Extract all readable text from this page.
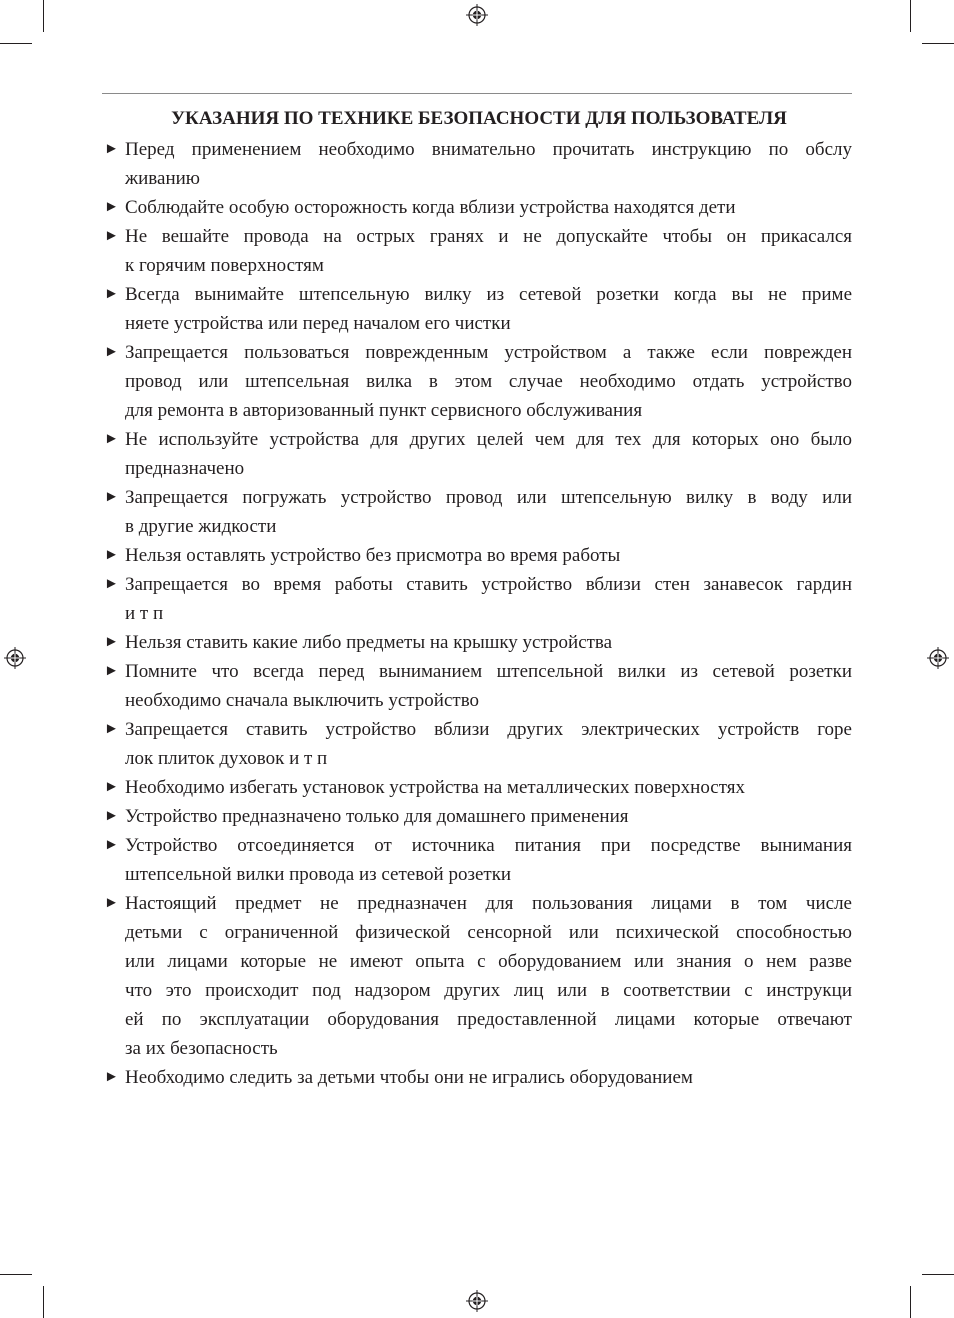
УКАЗАНИЯ ПО ТЕХНИКЕ БЕЗОПАСНОСТИ ДЛЯ ПОЛЬЗОВАТЕЛЯ
► Перед применением необходимо внимательно прочитать инструкцию по обслу
живанию
► Соблюдайте особую осторожность когда вблизи устройства находятся дети
► Не вешайте провода на острых гранях и не допускайте чтобы он прикасался
к горячим поверхностям
► Всегда вынимайте штепсельную вилку из сетевой розетки когда вы не приме
няете устройства или перед началом его чистки
► Запрещается пользоваться поврежденным устройством а также если поврежден
провод или штепсельная вилка в этом случае необходимо отдать устройство
для ремонта в авторизованный пункт сервисного обслуживания
► Не используйте устройства для других целей чем для тех для которых оно было
предназначено
► Запрещается погружать устройство провод или штепсельную вилку в воду или
в другие жидкости
► Нельзя оставлять устройство без присмотра во время работы
► Запрещается во время работы ставить устройство вблизи стен занавесок гардин
и т п
► Нельзя ставить какие либо предметы на крышку устройства
► Помните что всегда перед выниманием штепсельной вилки из сетевой розетки
необходимо сначала выключить устройство
► Запрещается ставить устройство вблизи других электрических устройств горе
лок плиток духовок и т п
► Необходимо избегать установок устройства на металлических поверхностях
► Устройство предназначено только для домашнего применения
► Устройство отсоединяется от источника питания при посредстве вынимания
штепсельной вилки провода из сетевой розетки
► Настоящий предмет не предназначен для пользования лицами в том числе
детьми с ограниченной физической сенсорной или психической способностью
или лицами которые не имеют опыта с оборудованием или знания о нем разве
что это происходит под надзором других лиц или в соответствии с инструкци
ей по эксплуатации оборудования предоставленной лицами которые отвечают
за их безопасность
► Необходимо следить за детьми чтобы они не игрались оборудованием
